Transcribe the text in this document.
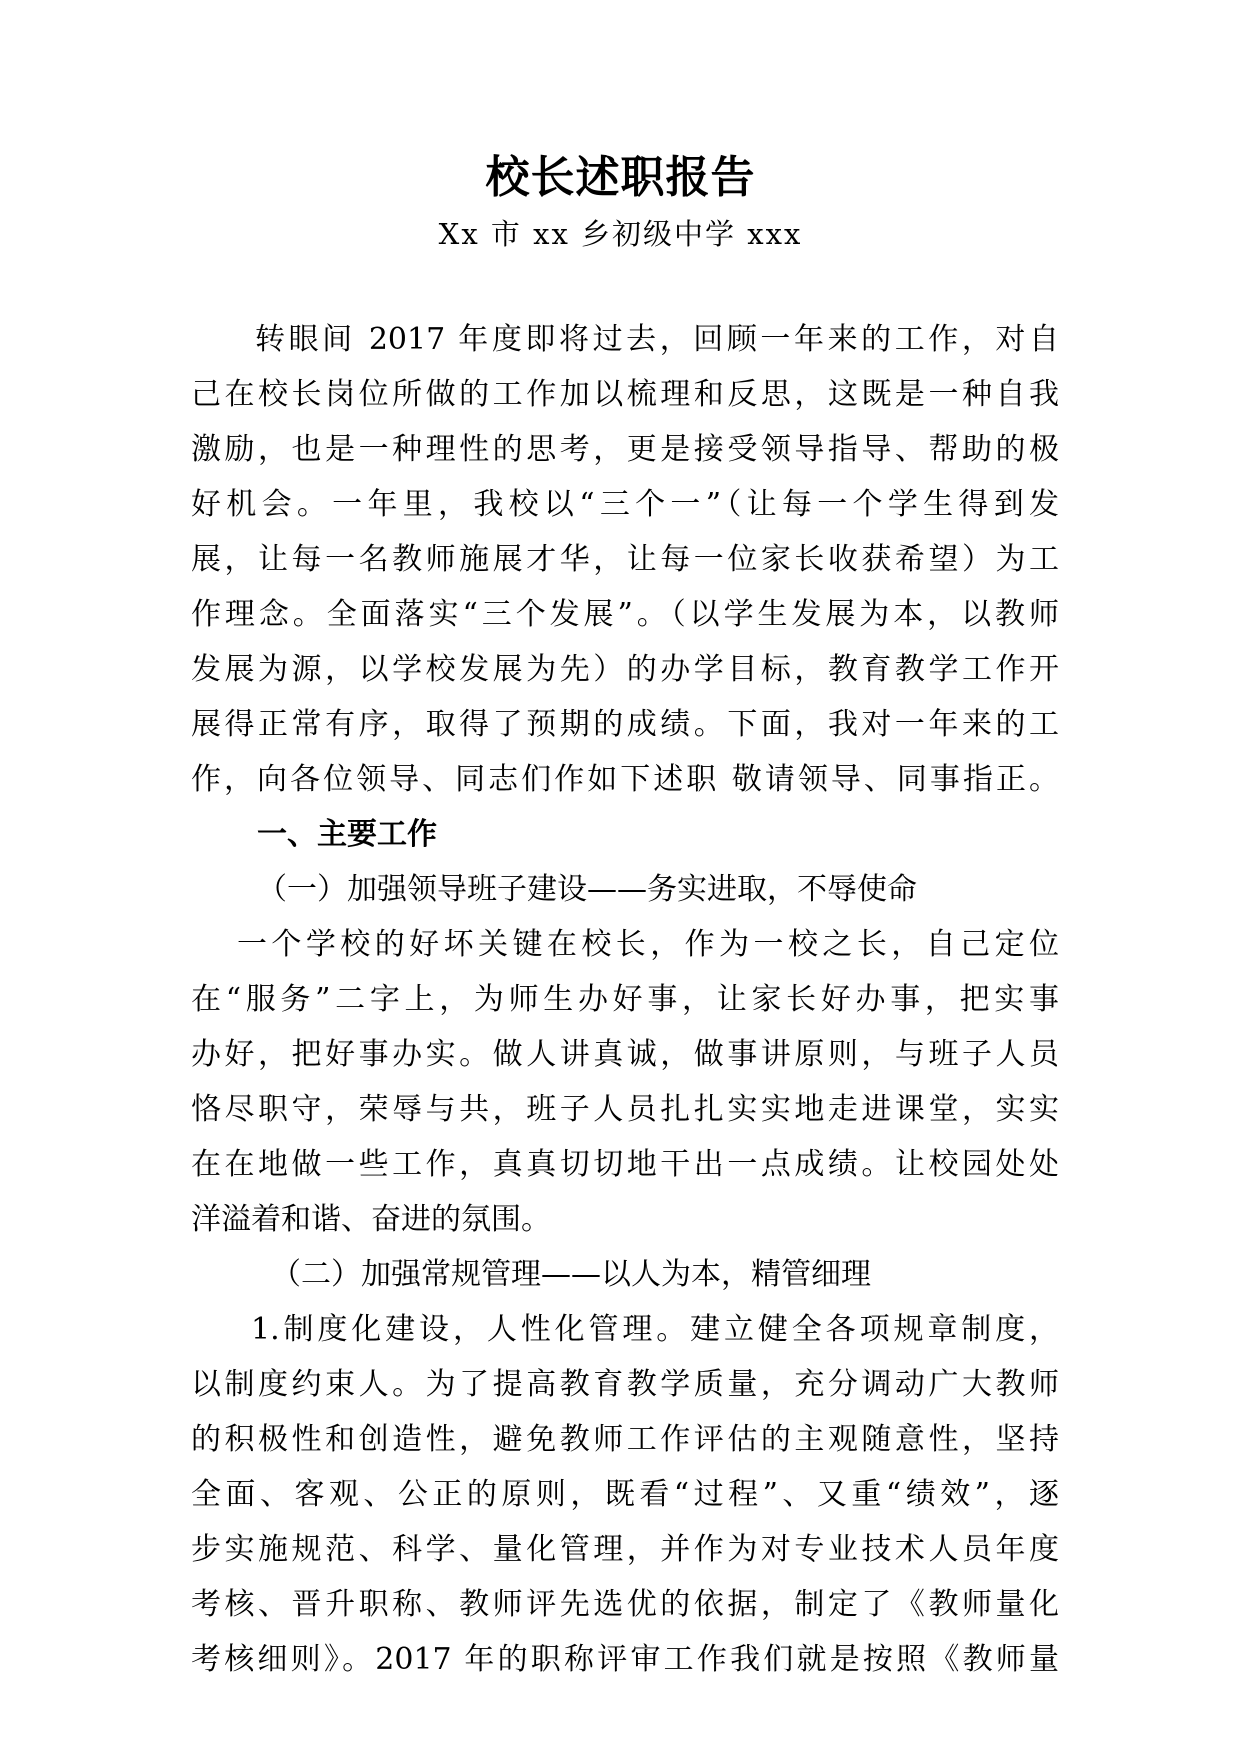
校长述职报告
Xx 市 xx 乡初级中学 xxx
转眼间 2017 年度即将过去，回顾一年来的工作，对自
己在校长岗位所做的工作加以梳理和反思，这既是一种自我
激励，也是一种理性的思考，更是接受领导指导、帮助的极
好机会。一年里，我校以“三个一”（让每一个学生得到发
展，让每一名教师施展才华，让每一位家长收获希望）为工
作理念。全面落实“三个发展”。（以学生发展为本，以教师
发展为源，以学校发展为先）的办学目标，教育教学工作开
展得正常有序，取得了预期的成绩。下面，我对一年来的工
作，向各位领导、同志们作如下述职 敬请领导、同事指正。
一、主要工作
（一）加强领导班子建设——务实进取，不辱使命
一个学校的好坏关键在校长，作为一校之长，自己定位
在“服务”二字上，为师生办好事，让家长好办事，把实事
办好，把好事办实。做人讲真诚，做事讲原则，与班子人员
恪尽职守，荣辱与共，班子人员扎扎实实地走进课堂，实实
在在地做一些工作，真真切切地干出一点成绩。让校园处处
洋溢着和谐、奋进的氛围。
（二）加强常规管理——以人为本，精管细理
1.制度化建设，人性化管理。建立健全各项规章制度，
以制度约束人。为了提高教育教学质量，充分调动广大教师
的积极性和创造性，避免教师工作评估的主观随意性，坚持
全面、客观、公正的原则，既看“过程”、又重“绩效”，逐
步实施规范、科学、量化管理，并作为对专业技术人员年度
考核、晋升职称、教师评先选优的依据，制定了《教师量化
考核细则》。2017 年的职称评审工作我们就是按照《教师量
